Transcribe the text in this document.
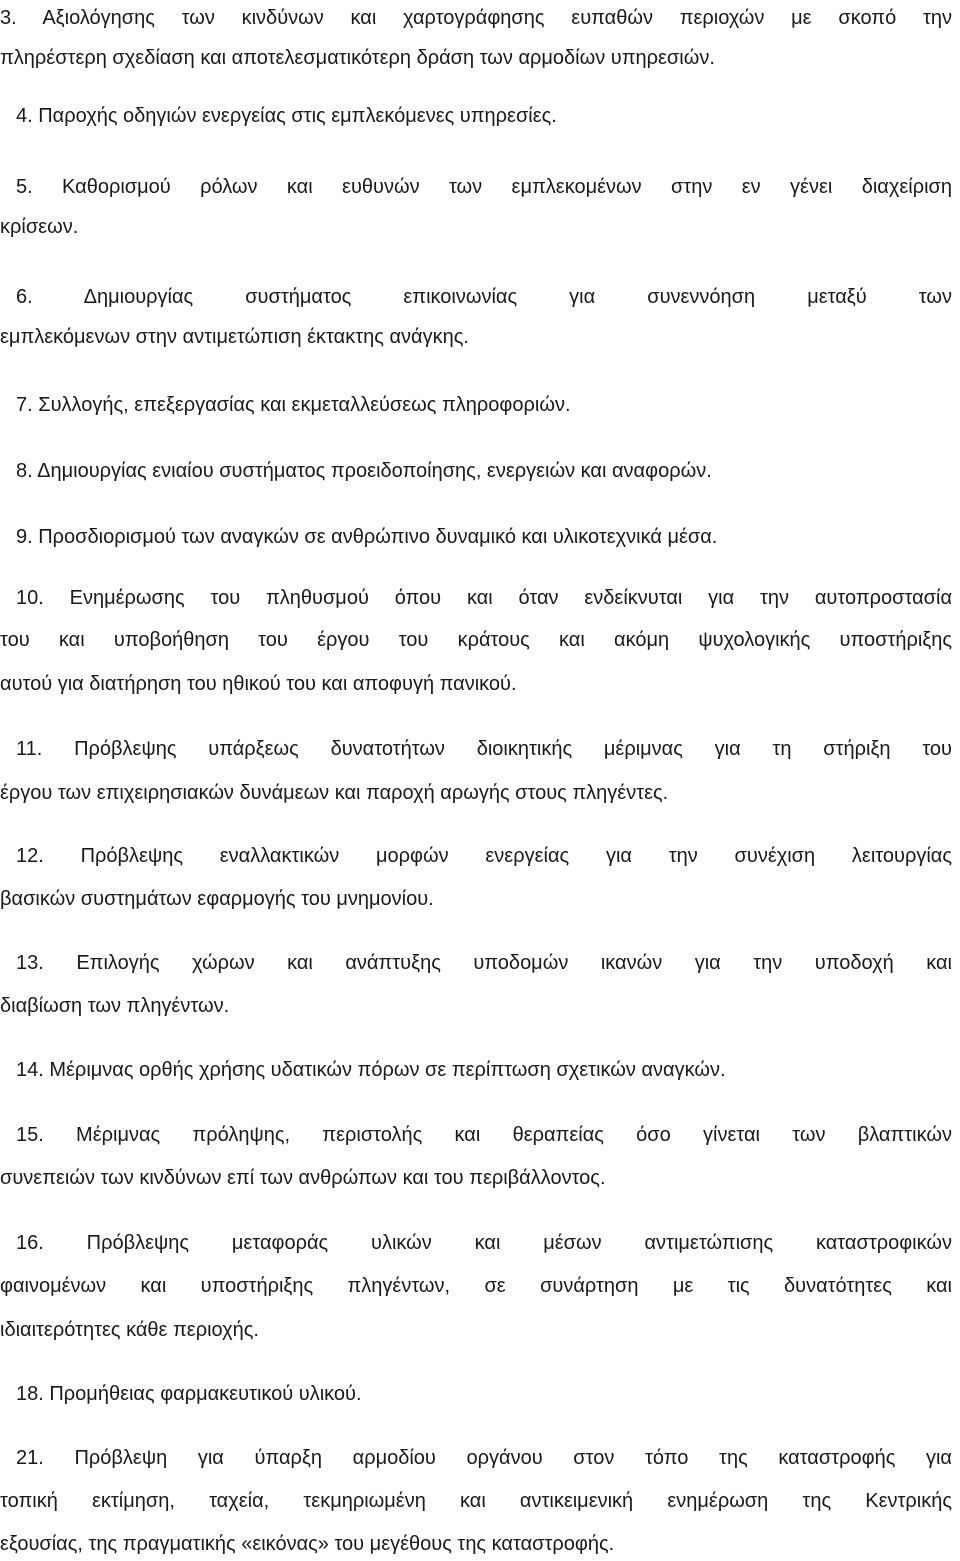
3. Αξιολόγησης των κινδύνων και χαρτογράφησης ευπαθών περιοχών με σκοπό την
πληρέστερη σχεδίαση και αποτελεσματικότερη δράση των αρμοδίων υπηρεσιών.
4. Παροχής οδηγιών ενεργείας στις εμπλεκόμενες υπηρεσίες.
5. Καθορισμού ρόλων και ευθυνών των εμπλεκομένων στην εν γένει διαχείριση
κρίσεων.
6. Δημιουργίας συστήματος επικοινωνίας για συνεννόηση μεταξύ των
εμπλεκόμενων στην αντιμετώπιση έκτακτης ανάγκης.
7. Συλλογής, επεξεργασίας και εκμεταλλεύσεως πληροφοριών.
8. Δημιουργίας ενιαίου συστήματος προειδοποίησης, ενεργειών και αναφορών.
9. Προσδιορισμού των αναγκών σε ανθρώπινο δυναμικό και υλικοτεχνικά μέσα.
10. Ενημέρωσης του πληθυσμού όπου και όταν ενδείκνυται για την αυτοπροστασία
του και υποβοήθηση του έργου του κράτους και ακόμη ψυχολογικής υποστήριξης
αυτού για διατήρηση του ηθικού του και αποφυγή πανικού.
11. Πρόβλεψης υπάρξεως δυνατοτήτων διοικητικής μέριμνας για τη στήριξη του
έργου των επιχειρησιακών δυνάμεων και παροχή αρωγής στους πληγέντες.
12. Πρόβλεψης εναλλακτικών μορφών ενεργείας για την συνέχιση λειτουργίας
βασικών συστημάτων εφαρμογής του μνημονίου.
13. Επιλογής χώρων και ανάπτυξης υποδομών ικανών για την υποδοχή και
διαβίωση των πληγέντων.
14. Μέριμνας ορθής χρήσης υδατικών πόρων σε περίπτωση σχετικών αναγκών.
15. Μέριμνας πρόληψης, περιστολής και θεραπείας όσο γίνεται των βλαπτικών
συνεπειών των κινδύνων επί των ανθρώπων και του περιβάλλοντος.
16. Πρόβλεψης μεταφοράς υλικών και μέσων αντιμετώπισης καταστροφικών
φαινομένων και υποστήριξης πληγέντων, σε συνάρτηση με τις δυνατότητες και
ιδιαιτερότητες κάθε περιοχής.
18. Προμήθειας φαρμακευτικού υλικού.
21. Πρόβλεψη για ύπαρξη αρμοδίου οργάνου στον τόπο της καταστροφής για
τοπική εκτίμηση, ταχεία, τεκμηριωμένη και αντικειμενική ενημέρωση της Κεντρικής
εξουσίας, της πραγματικής «εικόνας» του μεγέθους της καταστροφής.
